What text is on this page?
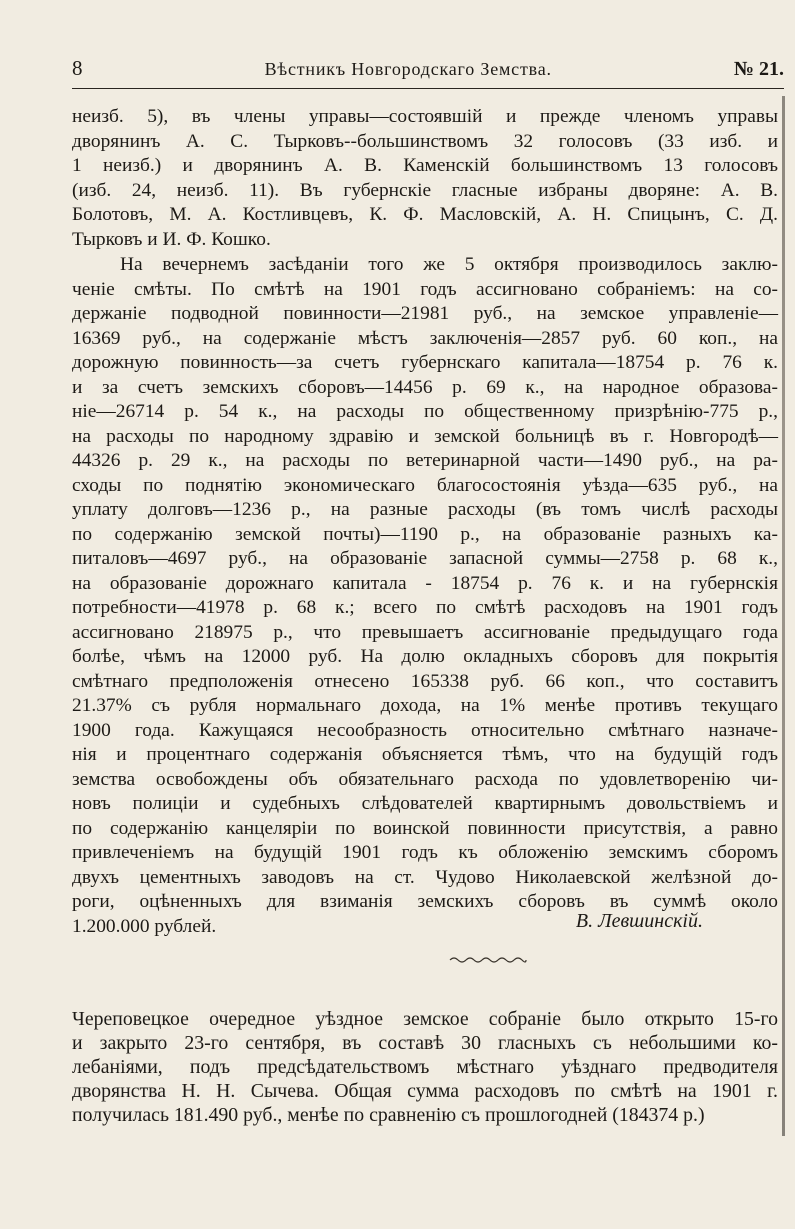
8	Вѣстникъ Новгородскаго Земства.	№ 21.
неизб. 5), въ члены управы—состоявшій и прежде членомъ управы
дворянинъ А. С. Тырковъ--большинствомъ 32 голосовъ (33 изб. и
1 неизб.) и дворянинъ А. В. Каменскій большинствомъ 13 голосовъ
(изб. 24, неизб. 11). Въ губернскіе гласные избраны дворяне: А. В.
Болотовъ, М. А. Костливцевъ, К. Ф. Масловскій, А. Н. Спицынъ, С. Д.
Тырковъ и И. Ф. Кошко.
На вечернемъ засѣданіи того же 5 октября производилось заклю-
ченіе смѣты. По смѣтѣ на 1901 годъ ассигновано собраніемъ: на со-
держаніе подводной повинности—21981 руб., на земское управленіе—
16369 руб., на содержаніе мѣстъ заключенія—2857 руб. 60 коп., на
дорожную повинность—за счетъ губернскаго капитала—18754 р. 76 к.
и за счетъ земскихъ сборовъ—14456 р. 69 к., на народное образова-
ніе—26714 р. 54 к., на расходы по общественному призрѣнію-775 р.,
на расходы по народному здравію и земской больницѣ въ г. Новгородѣ—
44326 р. 29 к., на расходы по ветеринарной части—1490 руб., на ра-
сходы по поднятію экономическаго благосостоянія уѣзда—635 руб., на
уплату долговъ—1236 р., на разные расходы (въ томъ числѣ расходы
по содержанію земской почты)—1190 р., на образованіе разныхъ ка-
питаловъ—4697 руб., на образованіе запасной суммы—2758 р. 68 к.,
на образованіе дорожнаго капитала - 18754 р. 76 к. и на губернскія
потребности—41978 р. 68 к.; всего по смѣтѣ расходовъ на 1901 годъ
ассигновано 218975 р., что превышаетъ ассигнованіе предыдущаго года
болѣе, чѣмъ на 12000 руб. На долю окладныхъ сборовъ для покрытія
смѣтнаго предположенія отнесено 165338 руб. 66 коп., что составитъ
21.37% съ рубля нормальнаго дохода, на 1% менѣе противъ текущаго
1900 года. Кажущаяся несообразность относительно смѣтнаго назначе-
нія и процентнаго содержанія объясняется тѣмъ, что на будущій годъ
земства освобождены объ обязательнаго расхода по удовлетворенію чи-
новъ полиціи и судебныхъ слѣдователей квартирнымъ довольствіемъ и
по содержанію канцеляріи по воинской повинности присутствія, а равно
привлеченіемъ на будущій 1901 годъ къ обложенію земскимъ сборомъ
двухъ цементныхъ заводовъ на ст. Чудово Николаевской желѣзной до-
роги, оцѣненныхъ для взиманія земскихъ сборовъ въ суммѣ около
1.200.000 рублей.	В. Левшинскій.
Череповецкое очередное уѣздное земское собраніе было открыто 15-го
и закрыто 23-го сентября, въ составѣ 30 гласныхъ съ небольшими ко-
лебаніями, подъ предсѣдательствомъ мѣстнаго уѣзднаго предводителя
дворянства Н. Н. Сычева. Общая сумма расходовъ по смѣтѣ на 1901 г.
получилась 181.490 руб., менѣе по сравненію съ прошлогодней (184374 р.)
